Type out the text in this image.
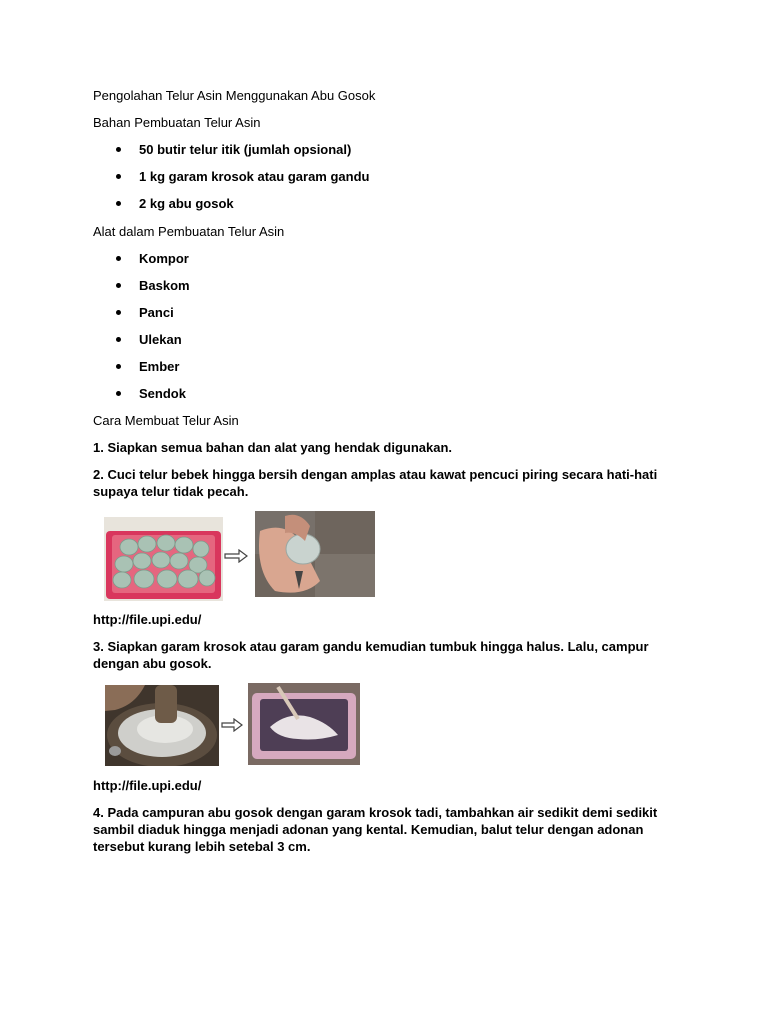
Pengolahan Telur Asin Menggunakan Abu Gosok

Bahan Pembuatan Telur Asin

50 butir telur itik (jumlah opsional)
1 kg garam krosok atau garam gandu
2 kg abu gosok

Alat dalam Pembuatan Telur Asin

Kompor
Baskom
Panci
Ulekan
Ember
Sendok

Cara Membuat Telur Asin

1. Siapkan semua bahan dan alat yang hendak digunakan.

2. Cuci telur bebek hingga bersih dengan amplas atau kawat pencuci piring secara hati-hati supaya telur tidak pecah.

http://file.upi.edu/

3. Siapkan garam krosok atau garam gandu kemudian tumbuk hingga halus. Lalu, campur dengan abu gosok.

http://file.upi.edu/

4. Pada campuran abu gosok dengan garam krosok tadi, tambahkan air sedikit demi sedikit sambil diaduk hingga menjadi adonan yang kental. Kemudian, balut telur dengan adonan tersebut kurang lebih setebal 3 cm.
